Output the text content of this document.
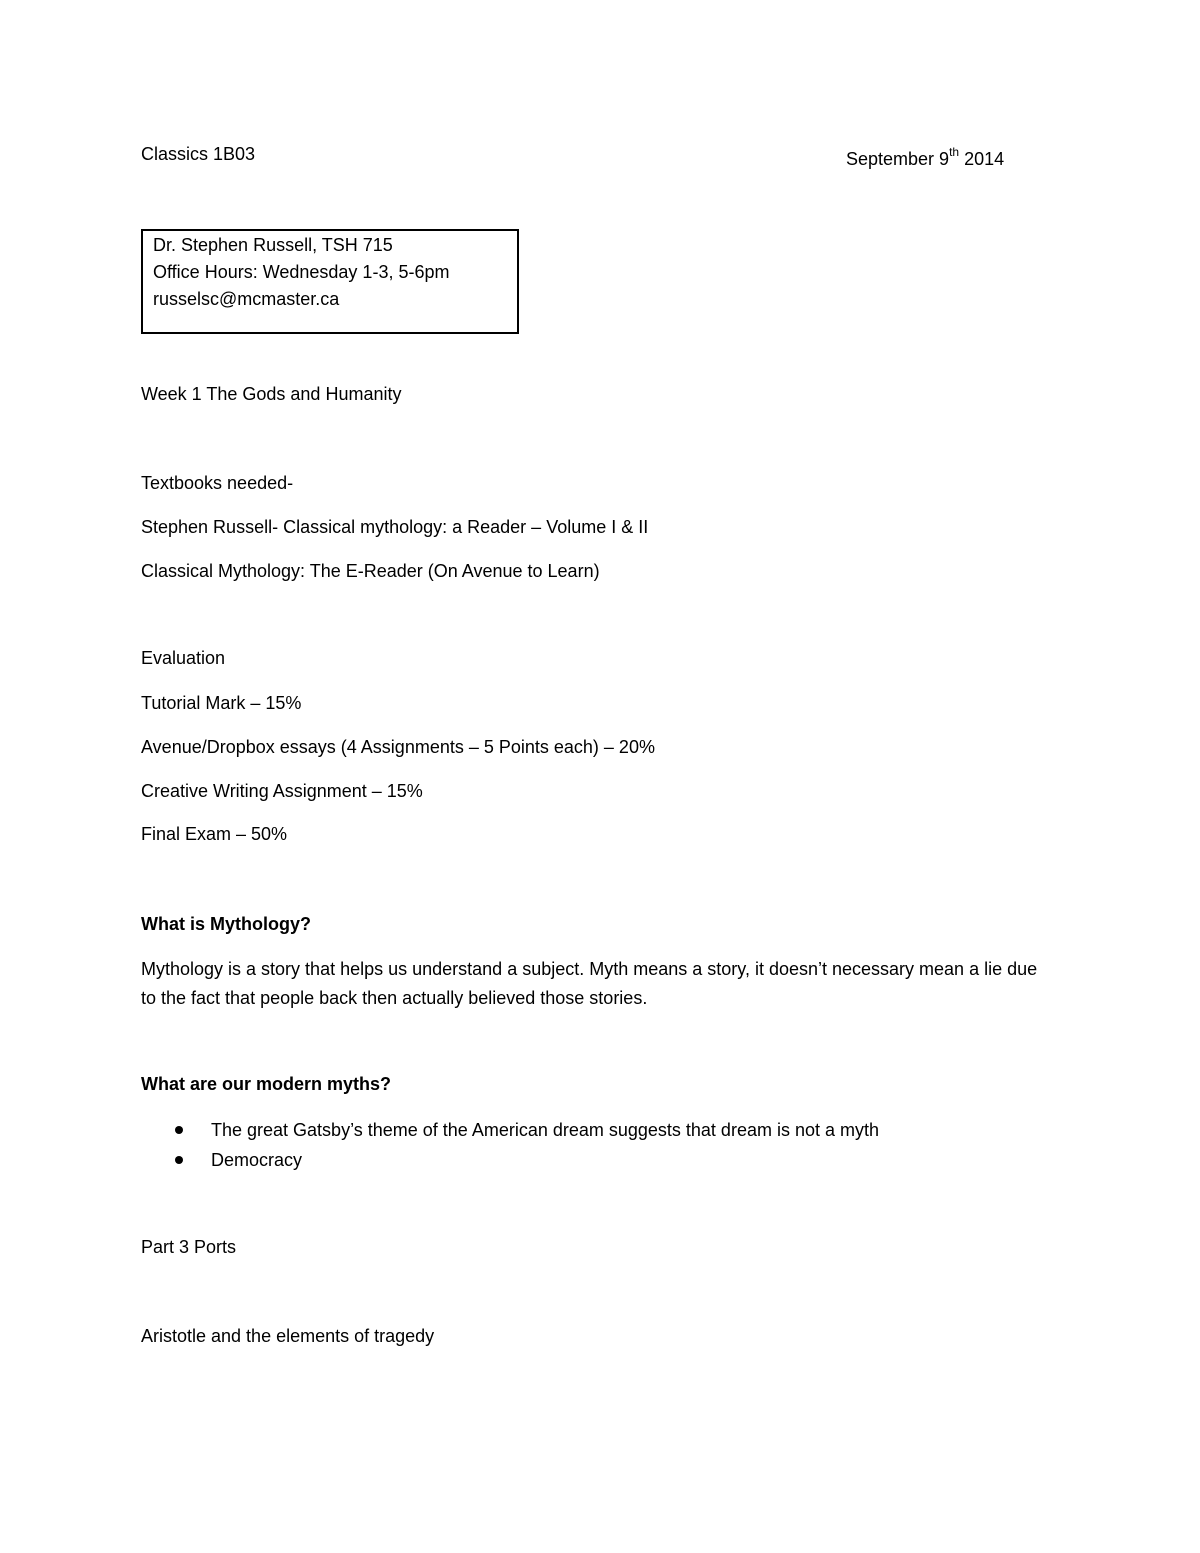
Classics 1B03	September 9th 2014
Dr. Stephen Russell, TSH 715
Office Hours: Wednesday 1-3, 5-6pm
russelsc@mcmaster.ca
Week 1 The Gods and Humanity
Textbooks needed-
Stephen Russell- Classical mythology: a Reader – Volume I & II
Classical Mythology: The E-Reader (On Avenue to Learn)
Evaluation
Tutorial Mark – 15%
Avenue/Dropbox essays (4 Assignments – 5 Points each) – 20%
Creative Writing Assignment – 15%
Final Exam – 50%
What is Mythology?
Mythology is a story that helps us understand a subject. Myth means a story, it doesn’t necessary mean a lie due to the fact that people back then actually believed those stories.
What are our modern myths?
The great Gatsby’s theme of the American dream suggests that dream is not a myth
Democracy
Part 3 Ports
Aristotle and the elements of tragedy
